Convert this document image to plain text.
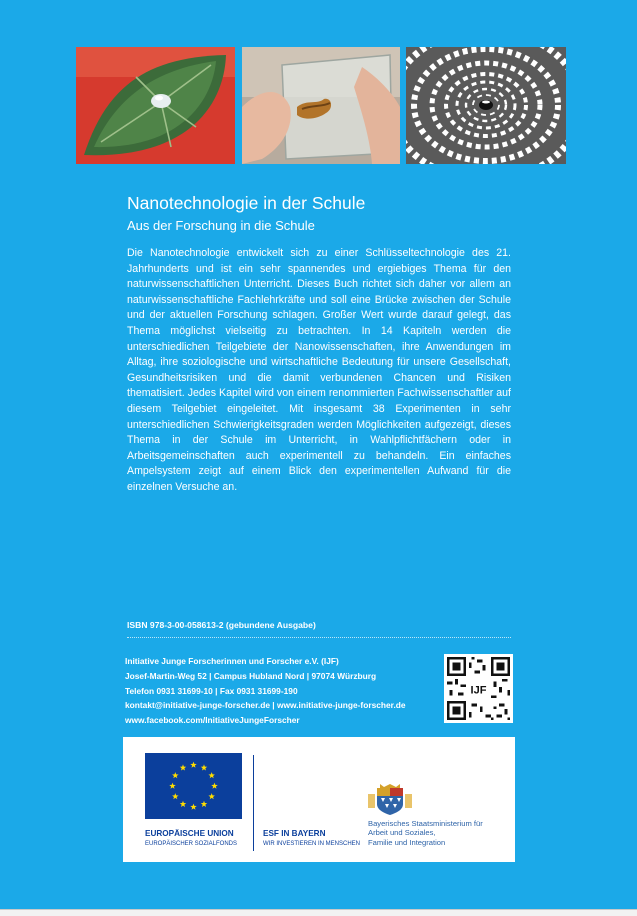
Nanotechnologie in der Schule
Aus der Forschung in die Schule

Die Nanotechnologie entwickelt sich zu einer Schlüsseltechnologie des 21. Jahrhunderts und ist ein sehr spannendes und ergiebiges Thema für den naturwissenschaftlichen Unterricht. Dieses Buch richtet sich daher vor allem an naturwissenschaftliche Fachlehrkräfte und soll eine Brücke zwischen der Schule und der aktuellen Forschung schlagen. Großer Wert wurde darauf gelegt, das Thema möglichst vielseitig zu betrachten. In 14 Kapiteln werden die unterschiedlichen Teilgebiete der Nanowissenschaften, ihre Anwendungen im Alltag, ihre soziologische und wirtschaftliche Bedeutung für unsere Gesellschaft, Gesundheitsrisiken und die damit verbundenen Chancen und Risiken thematisiert. Jedes Kapitel wird von einem renommierten Fachwissenschaftler auf diesem Teilgebiet eingeleitet. Mit insgesamt 38 Experimenten in sehr unterschiedlichen Schwierigkeitsgraden werden Möglichkeiten aufgezeigt, dieses Thema in der Schule im Unterricht, in Wahlpflichtfächern oder in Arbeitsgemeinschaften auch experimentell zu behandeln. Ein einfaches Ampelsystem zeigt auf einem Blick den experimentellen Aufwand für die einzelnen Versuche an.

ISBN 978-3-00-058613-2 (gebundene Ausgabe)
Initiative Junge Forscherinnen und Forscher e.V. (IJF)
Josef-Martin-Weg 52 | Campus Hubland Nord | 97074 Würzburg
Telefon 0931 31699-10 | Fax 0931 31699-190
kontakt@initiative-junge-forscher.de | www.initiative-junge-forscher.de
www.facebook.com/InitiativeJungeForscher
IJF
EUROPÄISCHE UNION
EUROPÄISCHER SOZIALFONDS
ESF IN BAYERN
WIR INVESTIEREN IN MENSCHEN
Bayerisches Staatsministerium für
Arbeit und Soziales,
Familie und Integration
